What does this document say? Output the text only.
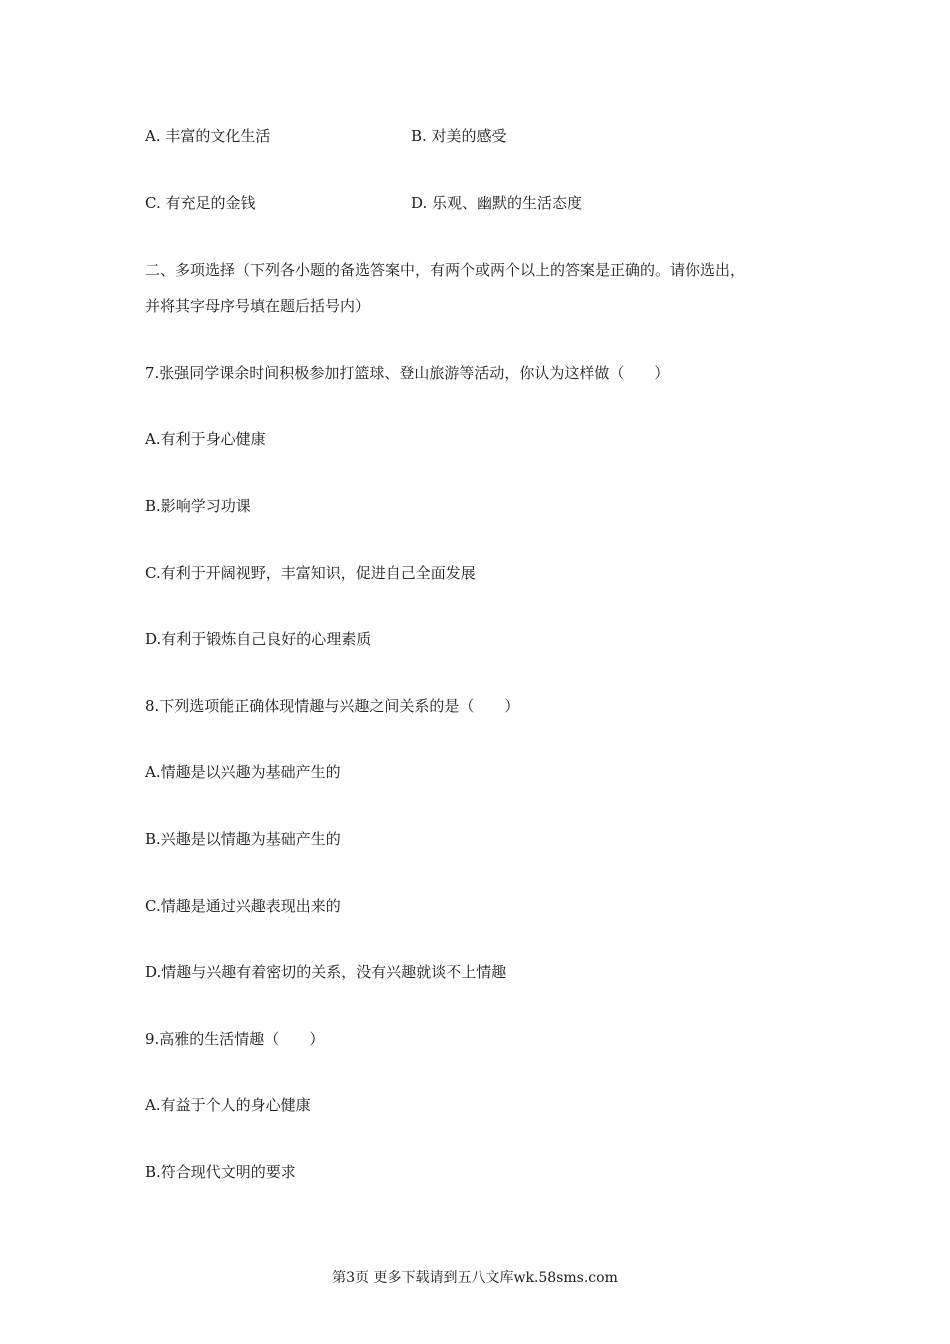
A. 丰富的文化生活	B. 对美的感受
C. 有充足的金钱	D. 乐观、幽默的生活态度
二、多项选择（下列各小题的备选答案中，有两个或两个以上的答案是正确的。请你选出，
并将其字母序号填在题后括号内）
7.张强同学课余时间积极参加打篮球、登山旅游等活动，你认为这样做（　　）
A.有利于身心健康
B.影响学习功课
C.有利于开阔视野，丰富知识，促进自己全面发展
D.有利于锻炼自己良好的心理素质
8.下列选项能正确体现情趣与兴趣之间关系的是（　　）
A.情趣是以兴趣为基础产生的
B.兴趣是以情趣为基础产生的
C.情趣是通过兴趣表现出来的
D.情趣与兴趣有着密切的关系，没有兴趣就谈不上情趣
9.高雅的生活情趣（　　）
A.有益于个人的身心健康
B.符合现代文明的要求
第3页 更多下载请到五八文库wk.58sms.com
